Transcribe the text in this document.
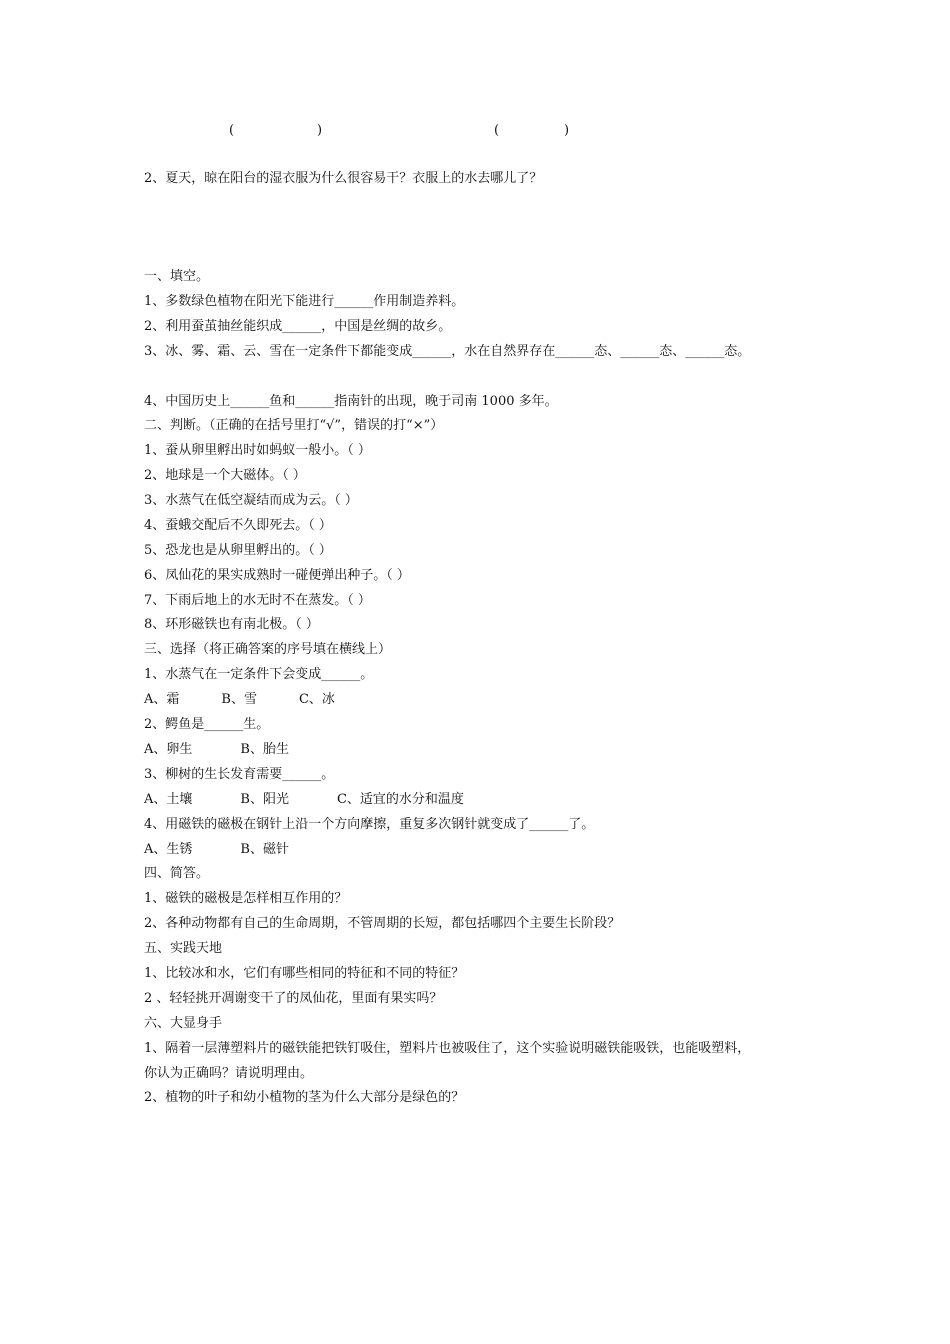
(	)	(	)
2、夏天，晾在阳台的湿衣服为什么很容易干？衣服上的水去哪儿了？
一、填空。
1、多数绿色植物在阳光下能进行______作用制造养料。
2、利用蚕茧抽丝能织成______，中国是丝绸的故乡。
3、冰、雾、霜、云、雪在一定条件下都能变成______，水在自然界存在______态、______态、______态。
4、中国历史上______鱼和______指南针的出现，晚于司南 1000 多年。
二、判断。（正确的在括号里打“√”，错误的打“×”）
1、蚕从卵里孵出时如蚂蚁一般小。（ ）
2、地球是一个大磁体。（ ）
3、水蒸气在低空凝结而成为云。（ ）
4、蚕蛾交配后不久即死去。（ ）
5、恐龙也是从卵里孵出的。（ ）
6、凤仙花的果实成熟时一碰便弹出种子。（ ）
7、下雨后地上的水无时不在蒸发。（ ）
8、环形磁铁也有南北极。（ ）
三、选择（将正确答案的序号填在横线上）
1、水蒸气在一定条件下会变成______。
A、霜	B、雪	C、冰
2、鳄鱼是______生。
A、卵生	B、胎生
3、柳树的生长发育需要______。
A、土壤	B、阳光	C、适宜的水分和温度
4、用磁铁的磁极在钢针上沿一个方向摩擦，重复多次钢针就变成了______了。
A、生锈	B、磁针
四、简答。
1、磁铁的磁极是怎样相互作用的？
2、各种动物都有自己的生命周期，不管周期的长短，都包括哪四个主要生长阶段？
五、实践天地
1、比较冰和水，它们有哪些相同的特征和不同的特征？
2 、轻轻挑开凋谢变干了的凤仙花，里面有果实吗？
六、大显身手
1、隔着一层薄塑料片的磁铁能把铁钉吸住，塑料片也被吸住了，这个实验说明磁铁能吸铁，也能吸塑料，
你认为正确吗？请说明理由。
2、植物的叶子和幼小植物的茎为什么大部分是绿色的？
